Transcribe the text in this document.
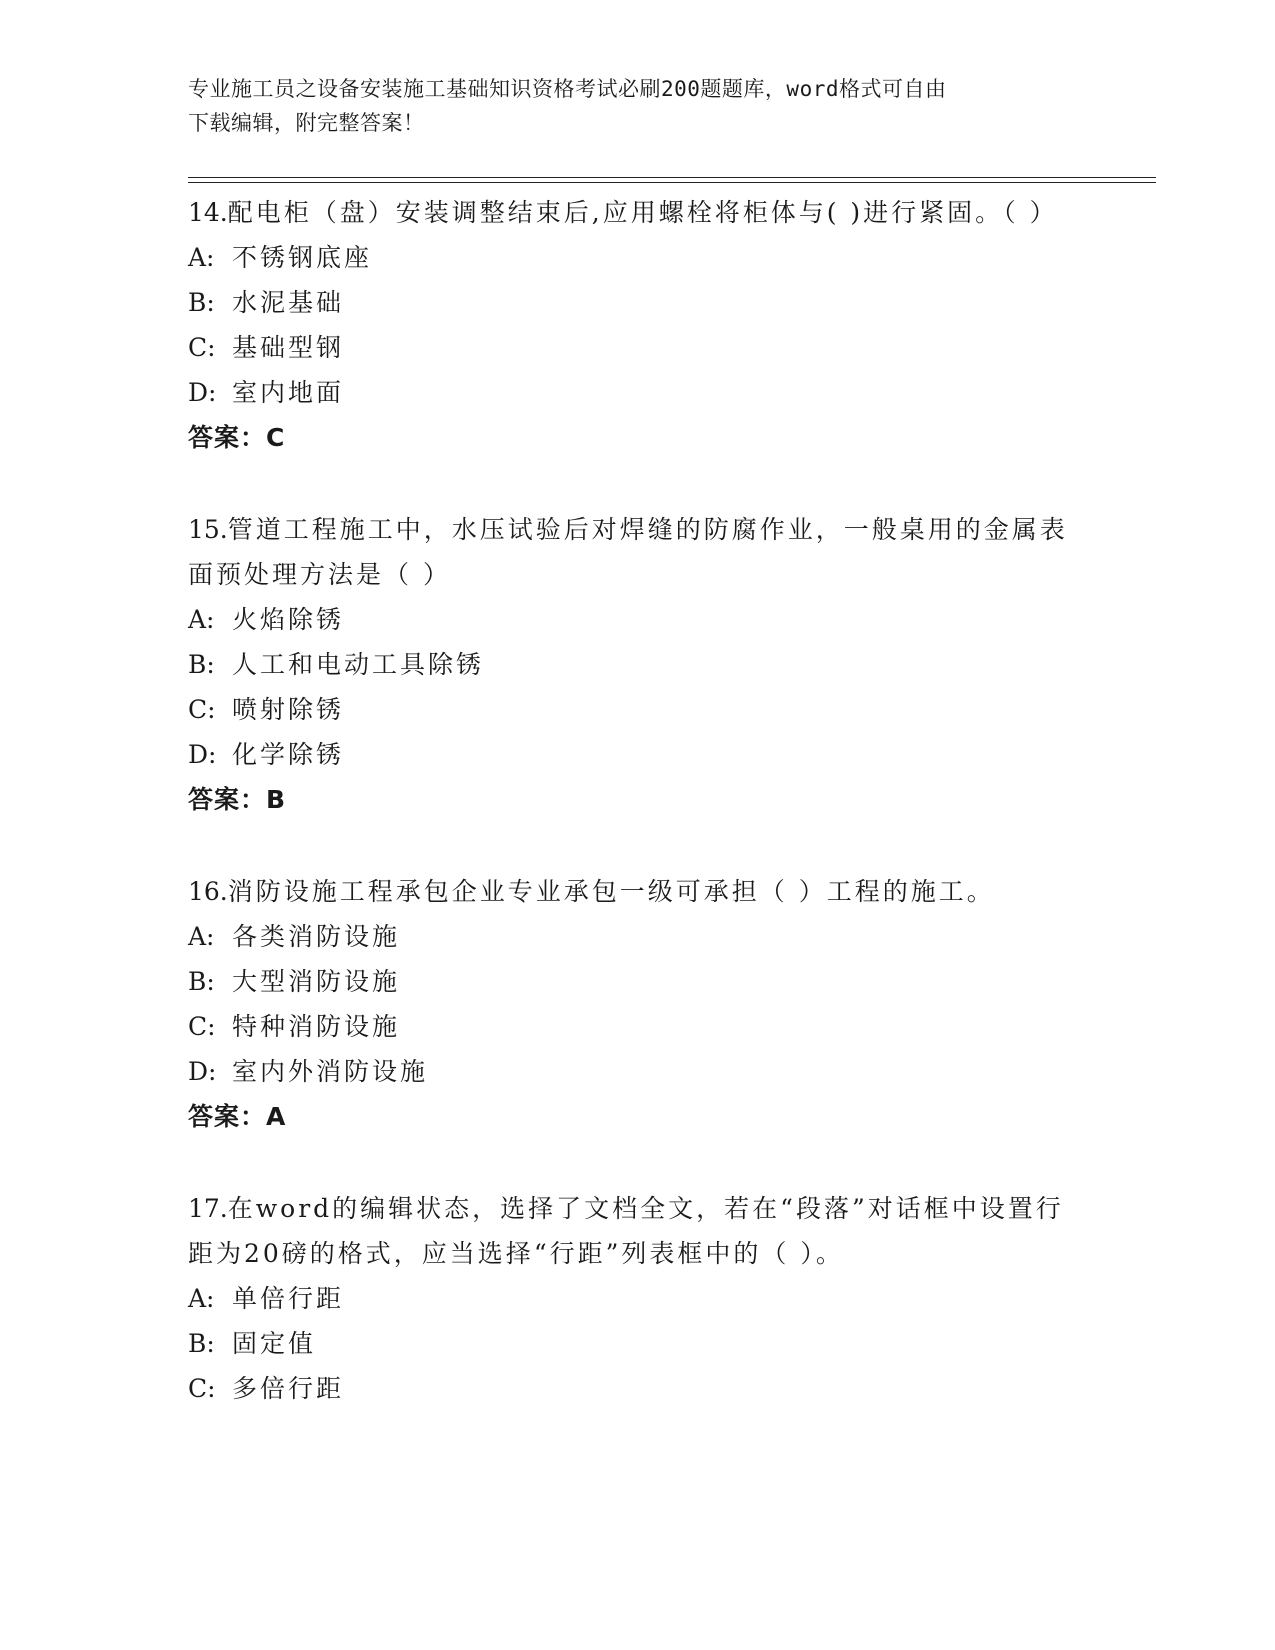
专业施工员之设备安装施工基础知识资格考试必刷200题题库，word格式可自由
下载编辑，附完整答案！

14.配电柜（盘）安装调整结束后,应用螺栓将柜体与( )进行紧固。（ ）

A: 不锈钢底座

B: 水泥基础

C: 基础型钢

D: 室内地面

答案：C

15.管道工程施工中，水压试验后对焊缝的防腐作业，一般桌用的金属表面预处理方法是（ ）

A: 火焰除锈

B: 人工和电动工具除锈

C: 喷射除锈

D: 化学除锈

答案：B

16.消防设施工程承包企业专业承包一级可承担（ ）工程的施工。

A: 各类消防设施

B: 大型消防设施

C: 特种消防设施

D: 室内外消防设施

答案：A

17.在word的编辑状态，选择了文档全文，若在“段落”对话框中设置行距为20磅的格式，应当选择“行距”列表框中的（ ）。

A: 单倍行距

B: 固定值

C: 多倍行距
